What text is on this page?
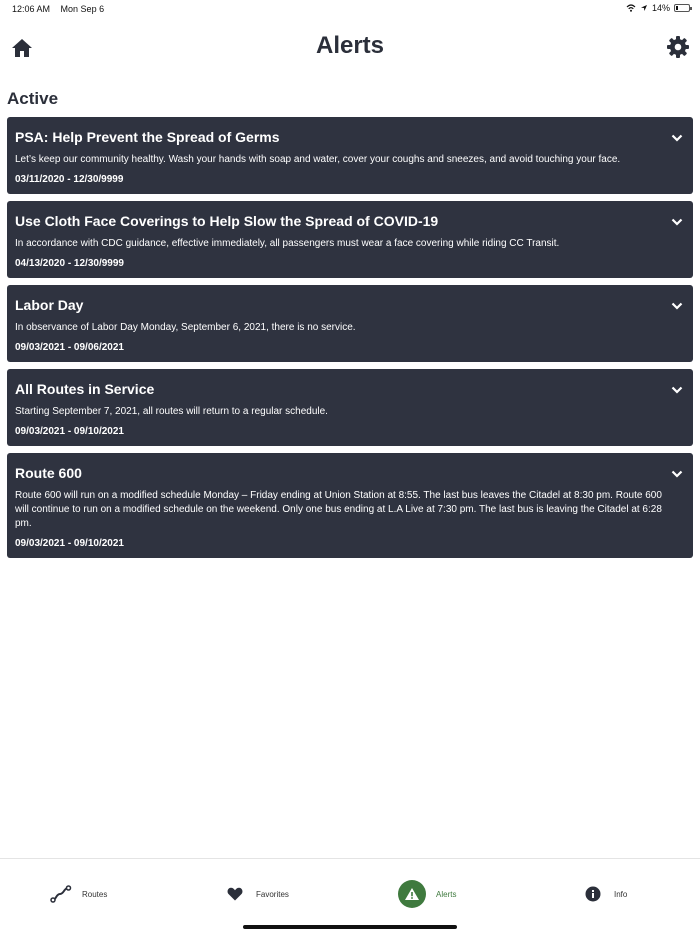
12:06 AM Mon Sep 6	14%
Alerts
Active
PSA: Help Prevent the Spread of Germs
Let’s keep our community healthy. Wash your hands with soap and water, cover your coughs and sneezes, and avoid touching your face.
03/11/2020 - 12/30/9999
Use Cloth Face Coverings to Help Slow the Spread of COVID-19
In accordance with CDC guidance, effective immediately, all passengers must wear a face covering while riding CC Transit.
04/13/2020 - 12/30/9999
Labor Day
In observance of Labor Day Monday, September 6, 2021, there is no service.
09/03/2021 - 09/06/2021
All Routes in Service
Starting September 7, 2021, all routes will return to a regular schedule.
09/03/2021 - 09/10/2021
Route 600
Route 600 will run on a modified schedule Monday – Friday ending at Union Station at 8:55. The last bus leaves the Citadel at 8:30 pm. Route 600 will continue to run on a modified schedule on the weekend. Only one bus ending at L.A Live at 7:30 pm. The last bus is leaving the Citadel at 6:28 pm.
09/03/2021 - 09/10/2021
Routes	Favorites	Alerts	Info
